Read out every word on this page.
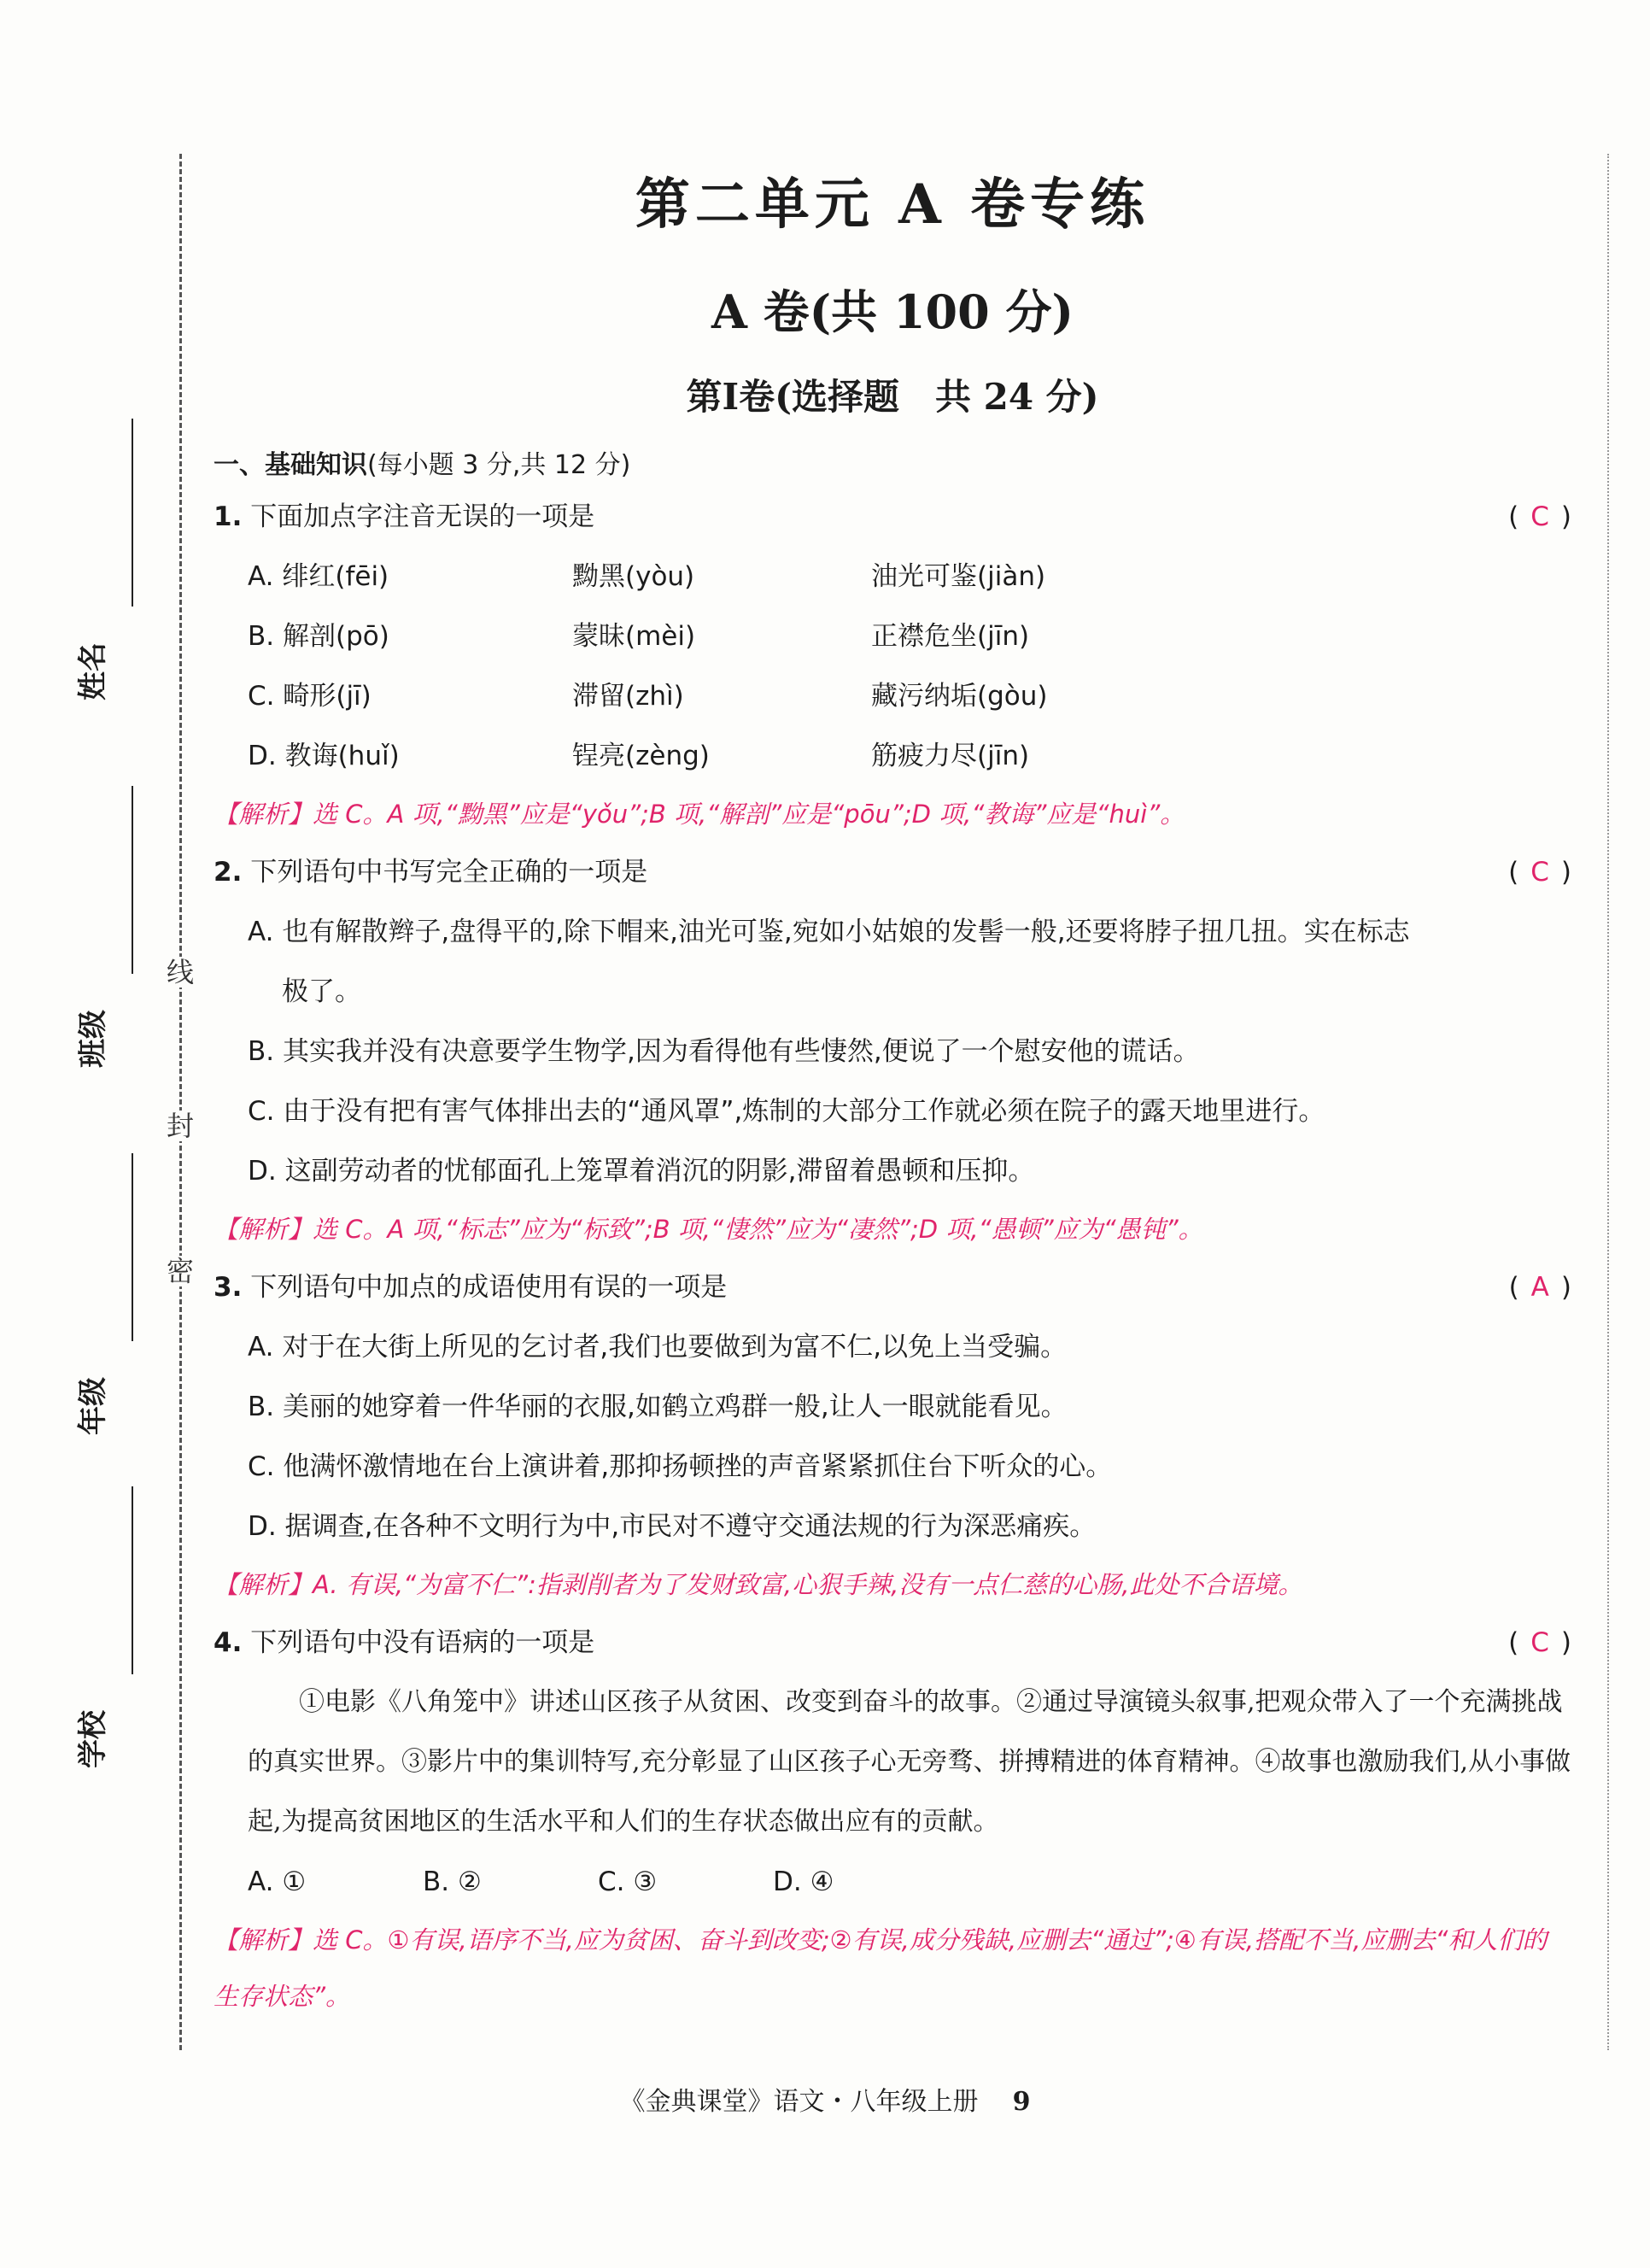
姓名
班级
年级
学校
线
封
密
第二单元 A 卷专练
A 卷(共 100 分)
第Ⅰ卷(选择题　共 24 分)
一、基础知识(每小题 3 分,共 12 分)
1. 下面加点字注音无误的一项是	( C )
A. 绯红(fēi)	黝黑(yòu)	油光可鉴(jiàn)
B. 解剖(pō)	蒙昧(mèi)	正襟危坐(jīn)
C. 畸形(jī)	滞留(zhì)	藏污纳垢(gòu)
D. 教诲(huǐ)	锃亮(zèng)	筋疲力尽(jīn)
【解析】选 C。A 项,“黝黑”应是“yǒu”;B 项,“解剖”应是“pōu”;D 项,“教诲”应是“huì”。
2. 下列语句中书写完全正确的一项是	( C )
A. 也有解散辫子,盘得平的,除下帽来,油光可鉴,宛如小姑娘的发髻一般,还要将脖子扭几扭。实在标志
极了。
B. 其实我并没有决意要学生物学,因为看得他有些悽然,便说了一个慰安他的谎话。
C. 由于没有把有害气体排出去的“通风罩”,炼制的大部分工作就必须在院子的露天地里进行。
D. 这副劳动者的忧郁面孔上笼罩着消沉的阴影,滞留着愚顿和压抑。
【解析】选 C。A 项,“标志”应为“标致”;B 项,“悽然”应为“凄然”;D 项,“愚顿”应为“愚钝”。
3. 下列语句中加点的成语使用有误的一项是	( A )
A. 对于在大街上所见的乞讨者,我们也要做到为富不仁,以免上当受骗。
B. 美丽的她穿着一件华丽的衣服,如鹤立鸡群一般,让人一眼就能看见。
C. 他满怀激情地在台上演讲着,那抑扬顿挫的声音紧紧抓住台下听众的心。
D. 据调查,在各种不文明行为中,市民对不遵守交通法规的行为深恶痛疾。
【解析】A. 有误,“为富不仁”:指剥削者为了发财致富,心狠手辣,没有一点仁慈的心肠,此处不合语境。
4. 下列语句中没有语病的一项是	( C )
①电影《八角笼中》讲述山区孩子从贫困、改变到奋斗的故事。②通过导演镜头叙事,把观众带入了一个充满挑战的真实世界。③影片中的集训特写,充分彰显了山区孩子心无旁骛、拼搏精进的体育精神。④故事也激励我们,从小事做起,为提高贫困地区的生活水平和人们的生存状态做出应有的贡献。
A. ①	B. ②	C. ③	D. ④
【解析】选 C。①有误,语序不当,应为贫困、奋斗到改变;②有误,成分残缺,应删去“通过”;④有误,搭配不当,应删去“和人们的生存状态”。
《金典课堂》语文・八年级上册 9
